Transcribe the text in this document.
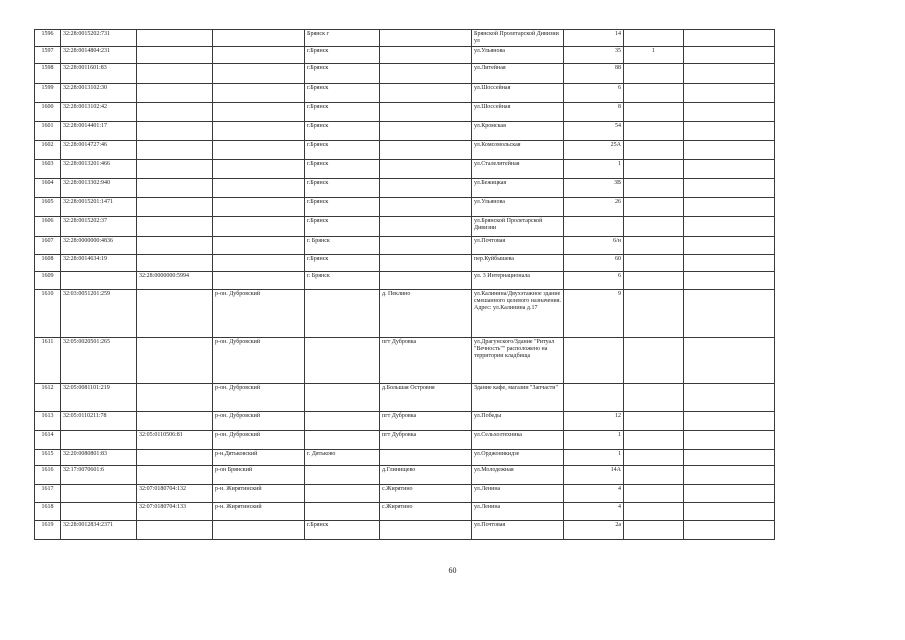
1596	32:28:0015202:731			Брянск г		Брянской Пролетарской Дивизии ул	14		
1597	32:28:0014804:231			г.Брянск		ул.Ульянова	35	1	
1598	32:28:0011601:83			г.Брянск		ул.Литейная	88		
1599	32:28:0013102:30			г.Брянск		ул.Шоссейная	6		
1600	32:28:0013102:42			г.Брянск		ул.Шоссейная	8		
1601	32:28:0014401:17			г.Брянск		ул.Кромская	54		
1602	32:28:0014727:46			г.Брянск		ул.Комсомольская	25А		
1603	32:28:0013201:466			г.Брянск		ул.Сталелитейная	1		
1604	32:28:0013302:940			г.Брянск		ул.Бежицкая	3В		
1605	32:28:0015201:1471			г.Брянск		ул.Ульянова	26		
1606	32:28:0015202:37			г.Брянск		ул.Брянской Пролетарской Дивизии			
1607	32:28:0000000:4836			г. Брянск		ул.Почтовая	6/н		
1608	32:28:0014634:19			г.Брянск		пер.Куйбышева	60		
1609		32:28:0000000:5994		г. Брянск		ул. 3 Интернационала	6		
1610	32:03:0051201:259		р-он. Дубровский		д. Пеклино	ул.Калинина/Двухэтажное здание смешанного целевого назначения. Адрес: ул.Калинина д.17	9		
1611	32:05:0020501:265		р-он. Дубровский		пгт Дубровка	ул.Драгунского/Здание "Ритуал "Вечность"" расположено на территории кладбища			
1612	32:05:0081101:219		р-он. Дубровский		д.Большая Островня	Здание кафе, магазин "Запчасти"			
1613	32:05:0110211:78		р-он. Дубровский		пгт Дубровка	ул.Победы	12		
1614		32:05:0110506:81	р-он. Дубровский		пгт Дубровка	ул.Сельхозтехника	1		
1615	32:20:0080801:83		р-н.Дятьковский	г. Дятьково		ул.Орджоникидзе	1		
1616	32:17:0070601:6		р-он Брянский		д.Глинищево	ул.Молодежная	14А		
1617		32:07:0180704:132	р-н. Жирятинский		с.Жирятино	ул.Ленина	4		
1618		32:07:0180704:133	р-н. Жирятинский		с.Жирятино	ул.Ленина	4		
1619	32:28:0012834:2371			г.Брянск		ул.Почтовая	2а		
60
